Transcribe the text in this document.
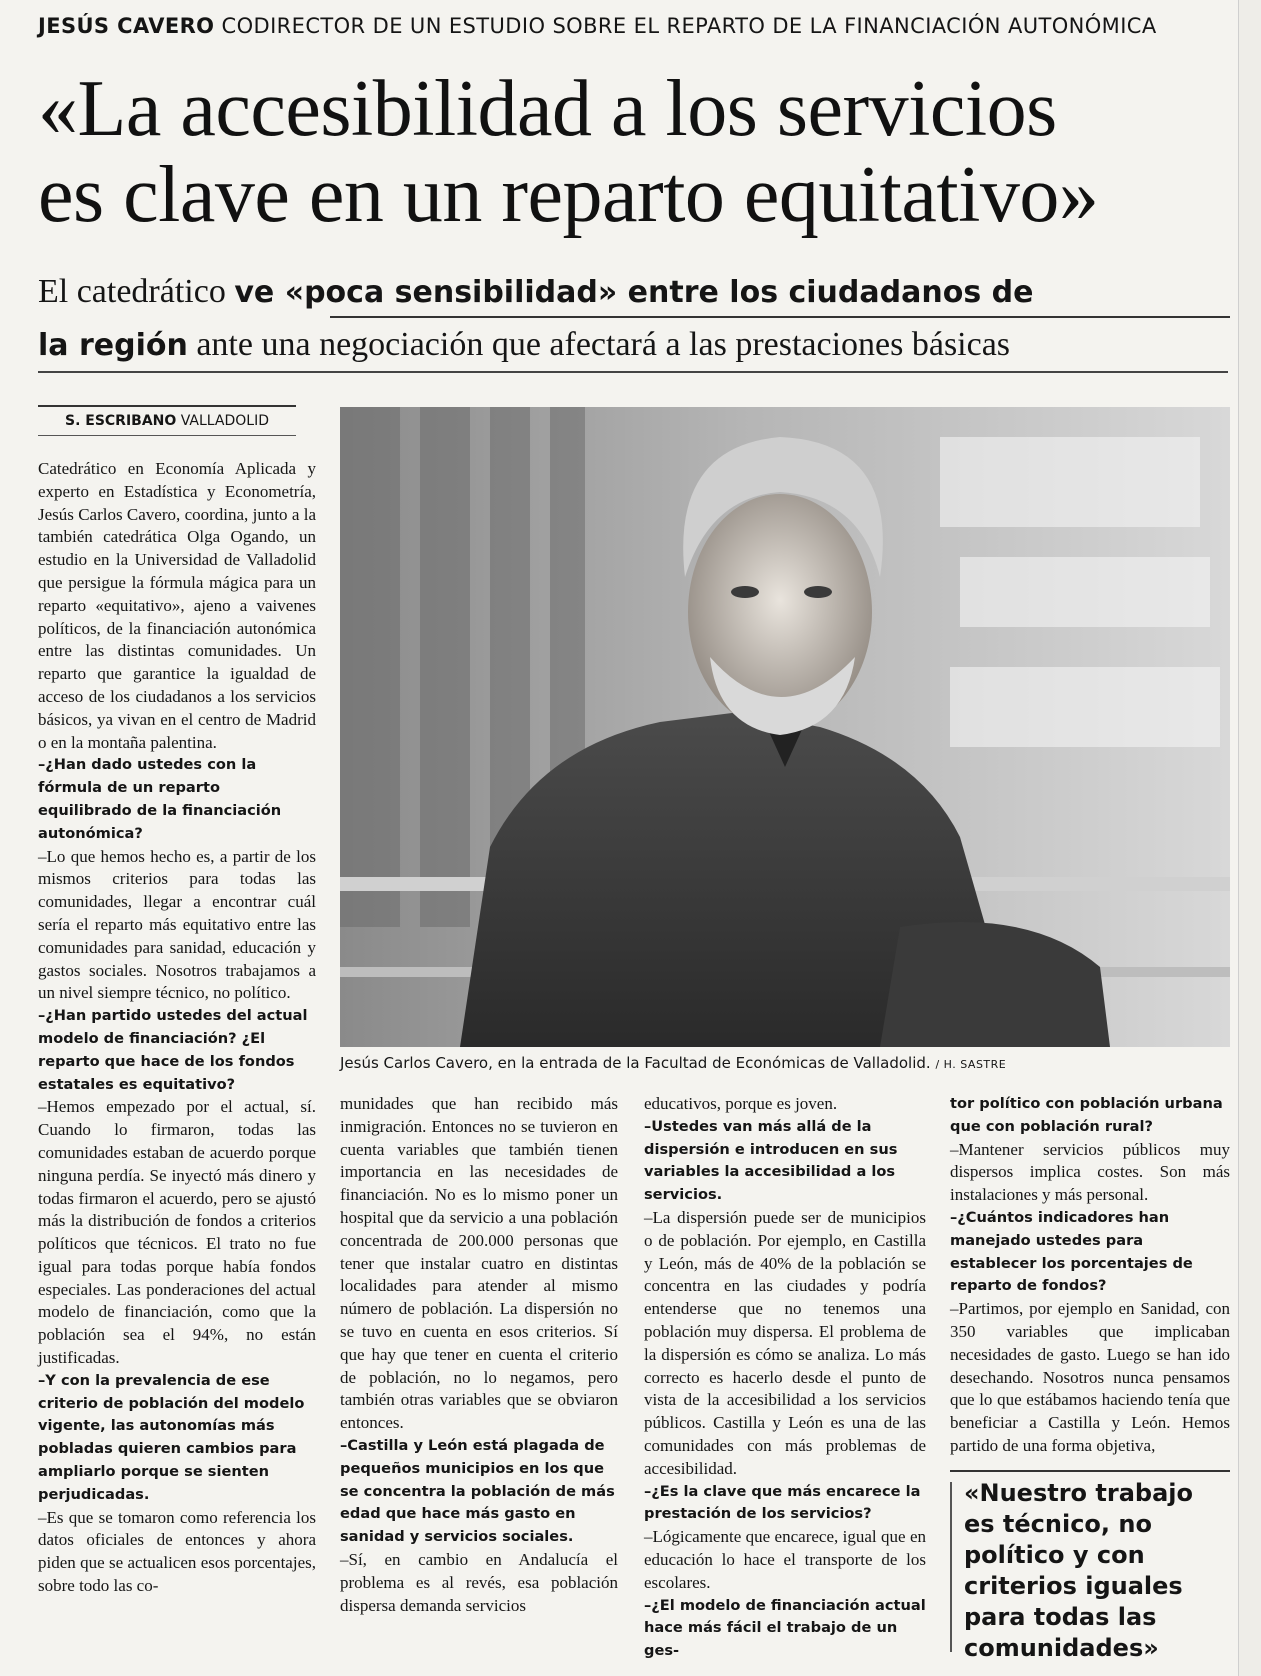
JESÚS CAVERO CODIRECTOR DE UN ESTUDIO SOBRE EL REPARTO DE LA FINANCIACIÓN AUTONÓMICA
«La accesibilidad a los servicios
es clave en un reparto equitativo»
El catedrático ve «poca sensibilidad» entre los ciudadanos de
la región ante una negociación que afectará a las prestaciones básicas
S. ESCRIBANO VALLADOLID
Jesús Carlos Cavero, en la entrada de la Facultad de Económicas de Valladolid. / H. SASTRE

Catedrático en Economía Aplicada y experto en Estadística y Econometría, Jesús Carlos Cavero, coordina, junto a la también catedrática Olga Ogando, un estudio en la Universidad de Valladolid que persigue la fórmula mágica para un reparto «equitativo», ajeno a vaivenes políticos, de la financiación autonómica entre las distintas comunidades. Un reparto que garantice la igualdad de acceso de los ciudadanos a los servicios básicos, ya vivan en el centro de Madrid o en la montaña palentina.

–¿Han dado ustedes con la fórmula de un reparto equilibrado de la financiación autonómica?

–Lo que hemos hecho es, a partir de los mismos criterios para todas las comunidades, llegar a encontrar cuál sería el reparto más equitativo entre las comunidades para sanidad, educación y gastos sociales. Nosotros trabajamos a un nivel siempre técnico, no político.

–¿Han partido ustedes del actual modelo de financiación? ¿El reparto que hace de los fondos estatales es equitativo?

–Hemos empezado por el actual, sí. Cuando lo firmaron, todas las comunidades estaban de acuerdo porque ninguna perdía. Se inyectó más dinero y todas firmaron el acuerdo, pero se ajustó más la distribución de fondos a criterios políticos que técnicos. El trato no fue igual para todas porque había fondos especiales. Las ponderaciones del actual modelo de financiación, como que la población sea el 94%, no están justificadas.

–Y con la prevalencia de ese criterio de población del modelo vigente, las autonomías más pobladas quieren cambios para ampliarlo porque se sienten perjudicadas.

–Es que se tomaron como referencia los datos oficiales de entonces y ahora piden que se actualicen esos porcentajes, sobre todo las co-

munidades que han recibido más inmigración. Entonces no se tuvieron en cuenta variables que también tienen importancia en las necesidades de financiación. No es lo mismo poner un hospital que da servicio a una población concentrada de 200.000 personas que tener que instalar cuatro en distintas localidades para atender al mismo número de población. La dispersión no se tuvo en cuenta en esos criterios. Sí que hay que tener en cuenta el criterio de población, no lo negamos, pero también otras variables que se obviaron entonces.

–Castilla y León está plagada de pequeños municipios en los que se concentra la población de más edad que hace más gasto en sanidad y servicios sociales.

–Sí, en cambio en Andalucía el problema es al revés, esa población dispersa demanda servicios

educativos, porque es joven.

–Ustedes van más allá de la dispersión e introducen en sus variables la accesibilidad a los servicios.

–La dispersión puede ser de municipios o de población. Por ejemplo, en Castilla y León, más de 40% de la población se concentra en las ciudades y podría entenderse que no tenemos una población muy dispersa. El problema de la dispersión es cómo se analiza. Lo más correcto es hacerlo desde el punto de vista de la accesibilidad a los servicios públicos. Castilla y León es una de las comunidades con más problemas de accesibilidad.

–¿Es la clave que más encarece la prestación de los servicios?

–Lógicamente que encarece, igual que en educación lo hace el transporte de los escolares.

–¿El modelo de financiación actual hace más fácil el trabajo de un ges-

tor político con población urbana que con población rural?

–Mantener servicios públicos muy dispersos implica costes. Son más instalaciones y más personal.

–¿Cuántos indicadores han manejado ustedes para establecer los porcentajes de reparto de fondos?

–Partimos, por ejemplo en Sanidad, con 350 variables que implicaban necesidades de gasto. Luego se han ido desechando. Nosotros nunca pensamos que lo que estábamos haciendo tenía que beneficiar a Castilla y León. Hemos partido de una forma objetiva,

«Nuestro trabajo es técnico, no político y con criterios iguales para todas las comunidades»
